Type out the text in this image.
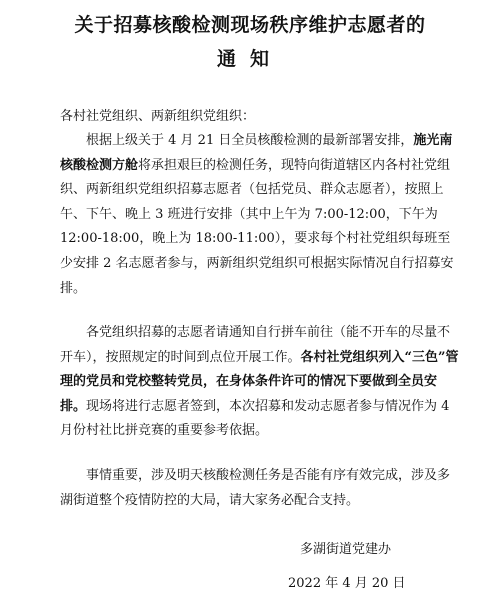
关于招募核酸检测现场秩序维护志愿者的
通知

各村社党组织、两新组织党组织：

根据上级关于 4 月 21 日全员核酸检测的最新部署安排，施光南核酸检测方舱将承担艰巨的检测任务，现特向街道辖区内各村社党组织、两新组织党组织招募志愿者（包括党员、群众志愿者），按照上午、下午、晚上 3 班进行安排（其中上午为 7:00-12:00，下午为 12:00-18:00，晚上为 18:00-11:00），要求每个村社党组织每班至少安排 2 名志愿者参与，两新组织党组织可根据实际情况自行招募安排。

各党组织招募的志愿者请通知自行拼车前往（能不开车的尽量不开车），按照规定的时间到点位开展工作。各村社党组织列入“三色”管理的党员和党校整转党员，在身体条件许可的情况下要做到全员安排。现场将进行志愿者签到，本次招募和发动志愿者参与情况作为 4 月份村社比拼竞赛的重要参考依据。

事情重要，涉及明天核酸检测任务是否能有序有效完成，涉及多湖街道整个疫情防控的大局，请大家务必配合支持。

多湖街道党建办
2022 年 4 月 20 日
